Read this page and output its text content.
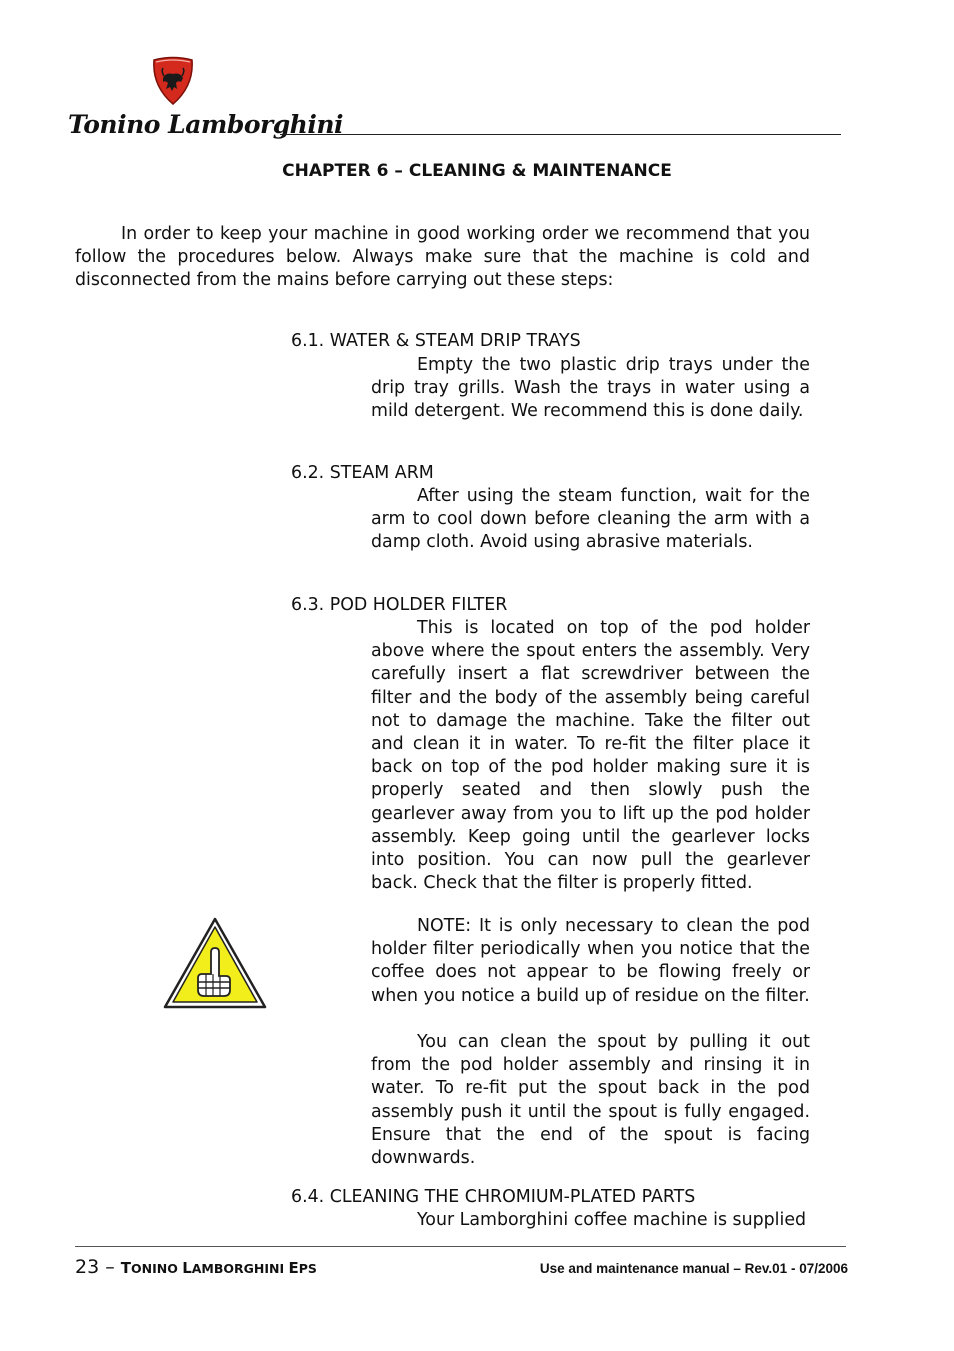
Tonino Lamborghini
CHAPTER 6 – CLEANING & MAINTENANCE
In order to keep your machine in good working order we recommend that you follow the procedures below. Always make sure that the machine is cold and disconnected from the mains before carrying out these steps:
6.1. WATER & STEAM DRIP TRAYS
Empty the two plastic drip trays under the drip tray grills. Wash the trays in water using a mild detergent. We recommend this is done daily.
6.2. STEAM ARM
After using the steam function, wait for the arm to cool down before cleaning the arm with a damp cloth. Avoid using abrasive materials.
6.3. POD HOLDER FILTER
This is located on top of the pod holder above where the spout enters the assembly. Very carefully insert a flat screwdriver between the filter and the body of the assembly being careful not to damage the machine. Take the filter out and clean it in water. To re-fit the filter place it back on top of the pod holder making sure it is properly seated and then slowly push the gearlever away from you to lift up the pod holder assembly. Keep going until the gearlever locks into position. You can now pull the gearlever back. Check that the filter is properly fitted.
NOTE: It is only necessary to clean the pod holder filter periodically when you notice that the coffee does not appear to be flowing freely or when you notice a build up of residue on the filter.
You can clean the spout by pulling it out from the pod holder assembly and rinsing it in water. To re-fit put the spout back in the pod assembly push it until the spout is fully engaged. Ensure that the end of the spout is facing downwards.
6.4. CLEANING THE CHROMIUM-PLATED PARTS
Your Lamborghini coffee machine is supplied
23 – TONINO LAMBORGHINI EPS	Use and maintenance manual – Rev.01 - 07/2006
